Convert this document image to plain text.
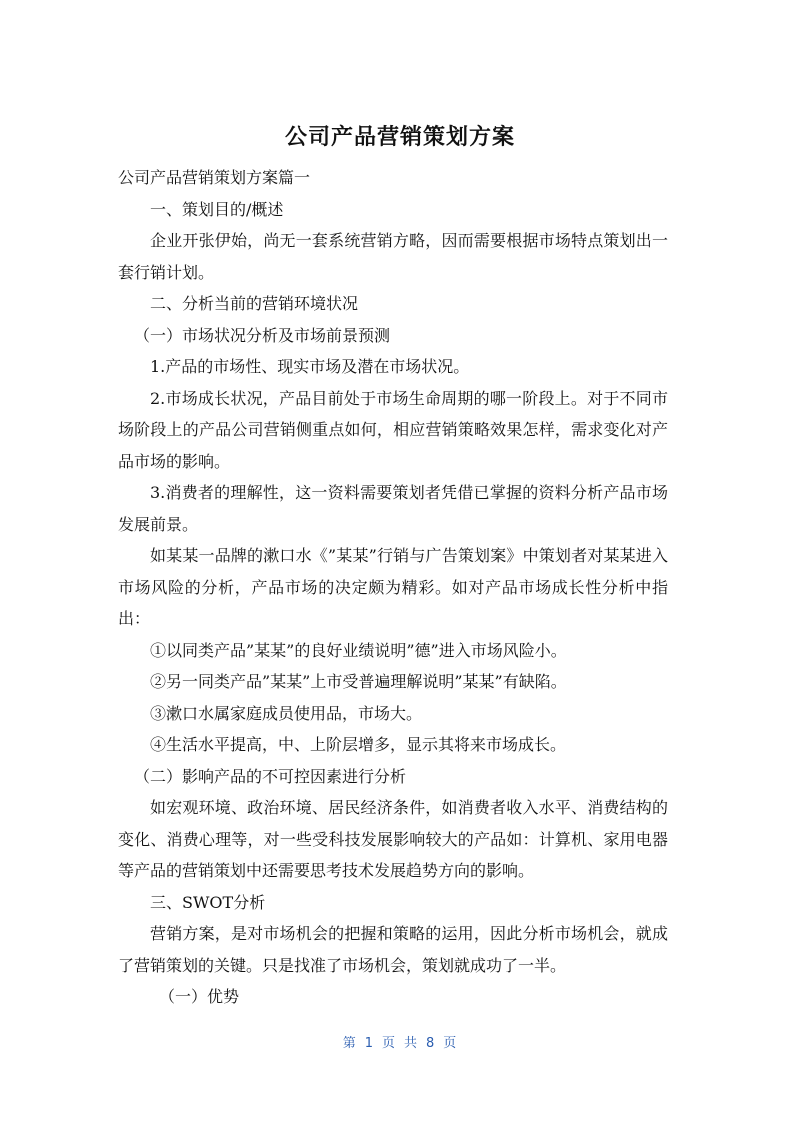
公司产品营销策划方案

公司产品营销策划方案篇一

一、策划目的/概述

企业开张伊始，尚无一套系统营销方略，因而需要根据市场特点策划出一套行销计划。

二、分析当前的营销环境状况

（一）市场状况分析及市场前景预测

1.产品的市场性、现实市场及潜在市场状况。

2.市场成长状况，产品目前处于市场生命周期的哪一阶段上。对于不同市场阶段上的产品公司营销侧重点如何，相应营销策略效果怎样，需求变化对产品市场的影响。

3.消费者的理解性，这一资料需要策划者凭借已掌握的资料分析产品市场发展前景。

如某某一品牌的漱口水《”某某”行销与广告策划案》中策划者对某某进入市场风险的分析，产品市场的决定颇为精彩。如对产品市场成长性分析中指出：

①以同类产品”某某”的良好业绩说明”德”进入市场风险小。

②另一同类产品”某某”上市受普遍理解说明”某某”有缺陷。

③漱口水属家庭成员使用品，市场大。

④生活水平提高，中、上阶层增多，显示其将来市场成长。

（二）影响产品的不可控因素进行分析

如宏观环境、政治环境、居民经济条件，如消费者收入水平、消费结构的变化、消费心理等，对一些受科技发展影响较大的产品如：计算机、家用电器等产品的营销策划中还需要思考技术发展趋势方向的影响。

三、SWOT分析

营销方案，是对市场机会的把握和策略的运用，因此分析市场机会，就成了营销策划的关键。只是找准了市场机会，策划就成功了一半。

（一）优势

第 1 页 共 8 页
